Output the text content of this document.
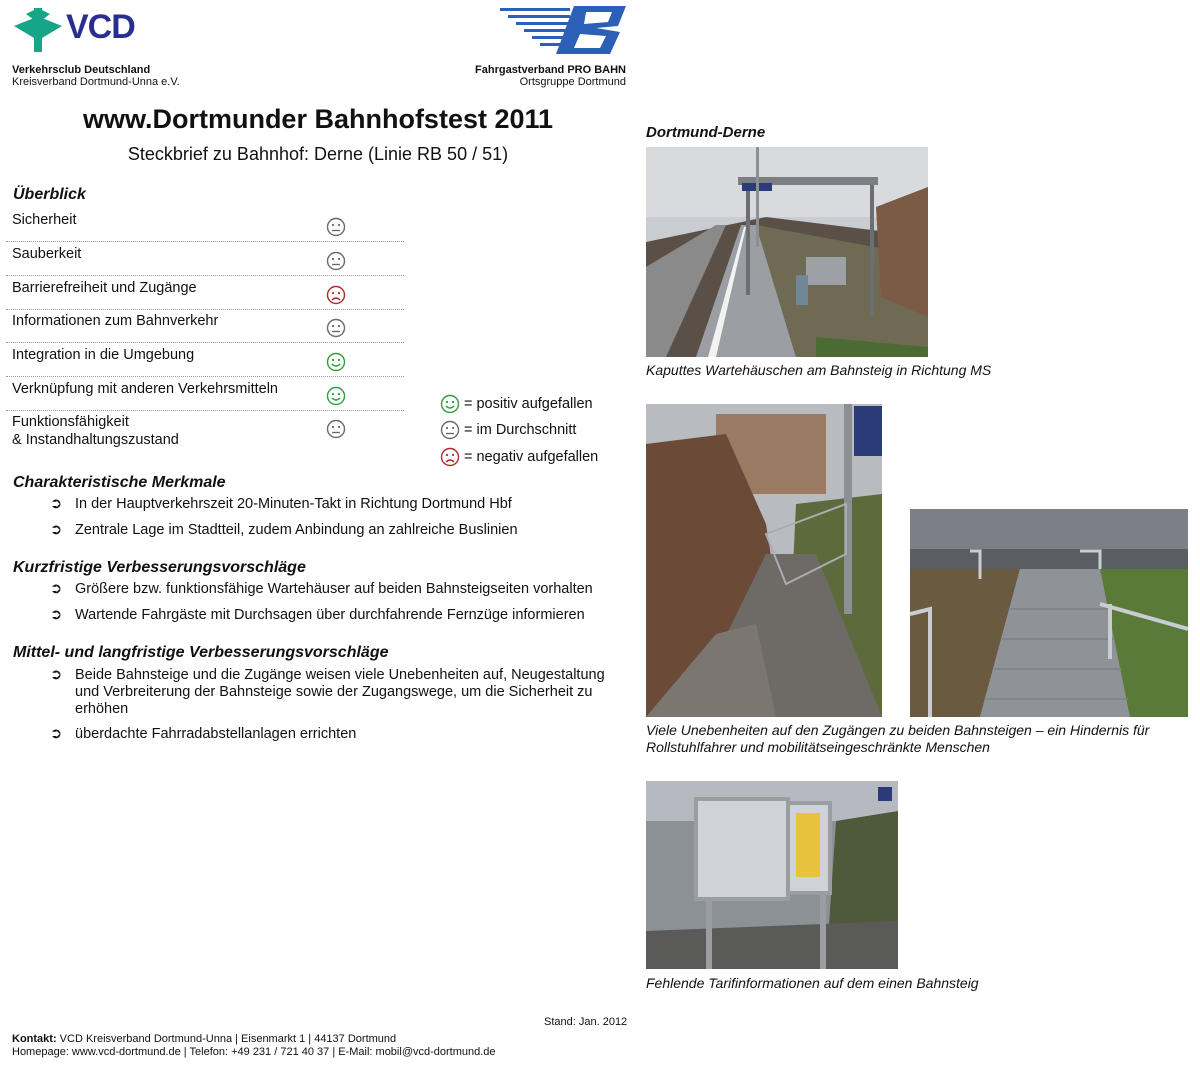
VCD
Verkehrsclub Deutschland
Kreisverband Dortmund-Unna e.V.
Fahrgastverband PRO BAHN
Ortsgruppe Dortmund
www.Dortmunder Bahnhofstest 2011
Steckbrief zu Bahnhof: Derne (Linie RB 50 / 51)
Überblick
Sicherheit
Sauberkeit
Barrierefreiheit und Zugänge
Informationen zum Bahnverkehr
Integration in die Umgebung
Verknüpfung mit anderen Verkehrsmitteln
Funktionsfähigkeit
& Instandhaltungszustand
= positiv aufgefallen
= im Durchschnitt
= negativ aufgefallen
Charakteristische Merkmale
➲ In der Hauptverkehrszeit 20-Minuten-Takt in Richtung Dortmund Hbf
➲ Zentrale Lage im Stadtteil, zudem Anbindung an zahlreiche Buslinien
Kurzfristige Verbesserungsvorschläge
➲ Größere bzw. funktionsfähige Wartehäuser auf beiden Bahnsteigseiten vorhalten
➲ Wartende Fahrgäste mit Durchsagen über durchfahrende Fernzüge informieren
Mittel- und langfristige Verbesserungsvorschläge
➲ Beide Bahnsteige und die Zugänge weisen viele Unebenheiten auf, Neugestaltung und Verbreiterung der Bahnsteige sowie der Zugangswege, um die Sicherheit zu erhöhen
➲ überdachte Fahrradabstellanlagen errichten
Dortmund-Derne
Kaputtes Wartehäuschen am Bahnsteig in Richtung MS
Viele Unebenheiten auf den Zugängen zu beiden Bahnsteigen – ein Hindernis für Rollstuhlfahrer und mobilitätseingeschränkte Menschen
Fehlende Tarifinformationen auf dem einen Bahnsteig
Stand: Jan. 2012
Kontakt: VCD Kreisverband Dortmund-Unna | Eisenmarkt 1 | 44137 Dortmund
Homepage: www.vcd-dortmund.de | Telefon: +49 231 / 721 40 37 | E-Mail: mobil@vcd-dortmund.de
